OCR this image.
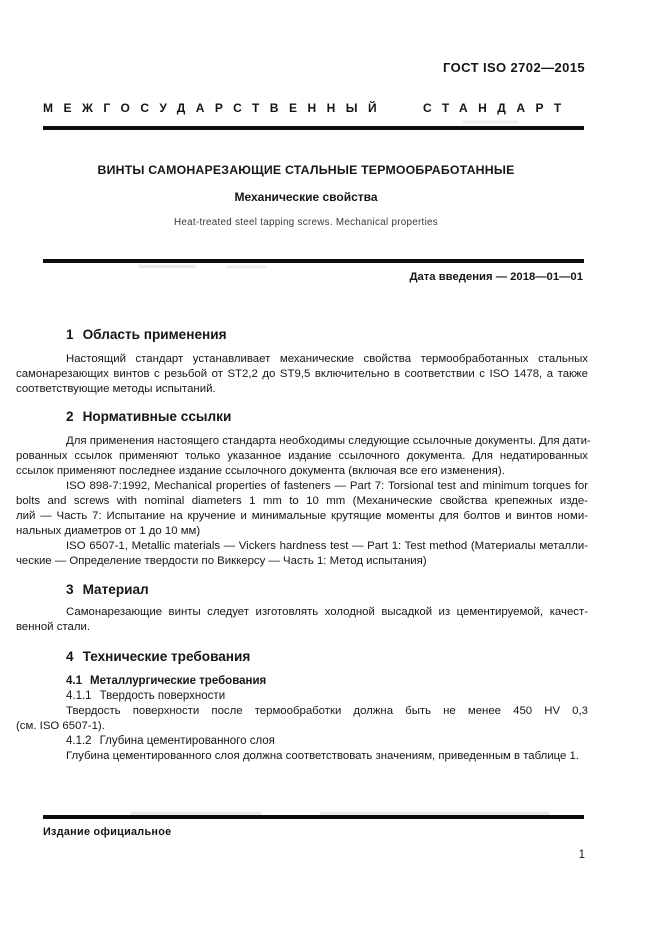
ГОСТ ISO 2702—2015
МЕЖГОСУДАРСТВЕННЫЙ СТАНДАРТ
ВИНТЫ САМОНАРЕЗАЮЩИЕ СТАЛЬНЫЕ ТЕРМООБРАБОТАННЫЕ
Механические свойства
Heat-treated steel tapping screws. Mechanical properties
Дата введения — 2018—01—01
1 Область применения
Настоящий стандарт устанавливает механические свойства термообработанных стальных
самонарезающих винтов с резьбой от ST2,2 до ST9,5 включительно в соответствии с ISO 1478, а также
соответствующие методы испытаний.
2 Нормативные ссылки
Для применения настоящего стандарта необходимы следующие ссылочные документы. Для дати-
рованных ссылок применяют только указанное издание ссылочного документа. Для недатированных
ссылок применяют последнее издание ссылочного документа (включая все его изменения).
ISO 898-7:1992, Mechanical properties of fasteners — Part 7: Torsional test and minimum torques for
bolts and screws with nominal diameters 1 mm to 10 mm (Механические свойства крепежных изде-
лий — Часть 7: Испытание на кручение и минимальные крутящие моменты для болтов и винтов номи-
нальных диаметров от 1 до 10 мм)
ISO 6507-1, Metallic materials — Vickers hardness test — Part 1: Test method (Материалы металли-
ческие — Определение твердости по Виккерсу — Часть 1: Метод испытания)
3 Материал
Самонарезающие винты следует изготовлять холодной высадкой из цементируемой, качест-
венной стали.
4 Технические требования
4.1 Металлургические требования
4.1.1 Твердость поверхности
Твердость поверхности после термообработки должна быть не менее 450 HV 0,3
(см. ISO 6507-1).
4.1.2 Глубина цементированного слоя
Глубина цементированного слоя должна соответствовать значениям, приведенным в таблице 1.
Издание официальное
1
